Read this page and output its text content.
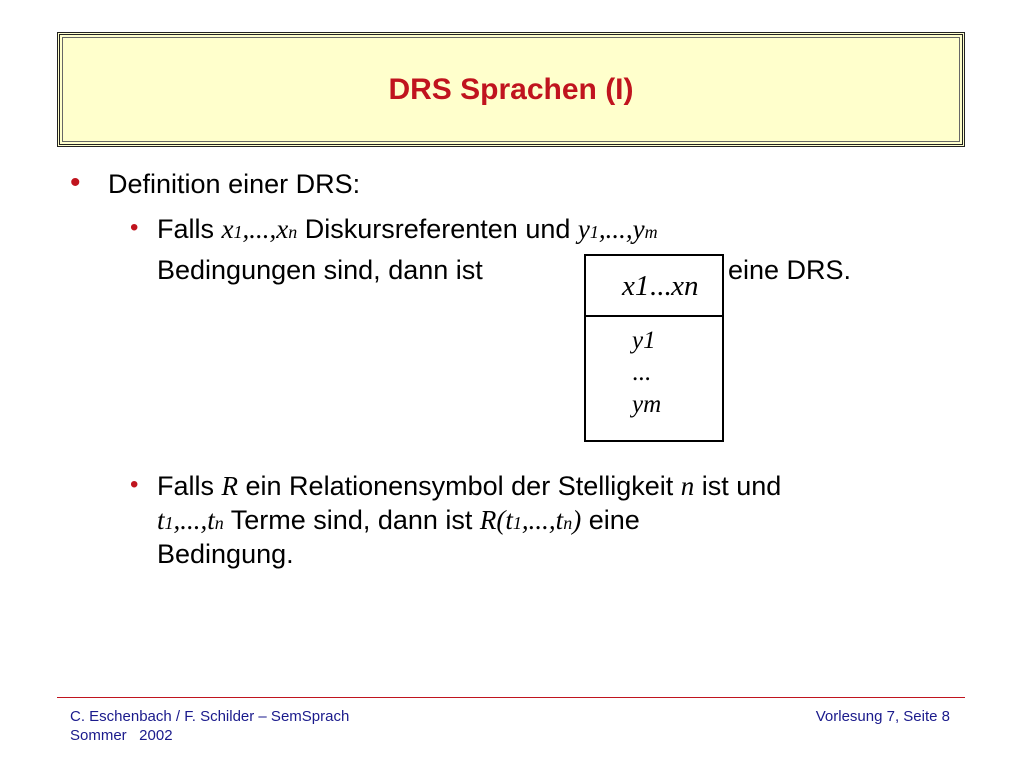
DRS Sprachen (I)
• Definition einer DRS:
• Falls x1,...,xn Diskursreferenten und y1,...,ym
Bedingungen sind, dann ist	eine DRS.
x1...xn
y1
...
ym
• Falls R ein Relationensymbol der Stelligkeit n ist und
t1,...,tn Terme sind, dann ist R(t1,...,tn) eine
Bedingung.
C. Eschenbach / F. Schilder – SemSprach
Sommer   2002
Vorlesung 7, Seite 8
